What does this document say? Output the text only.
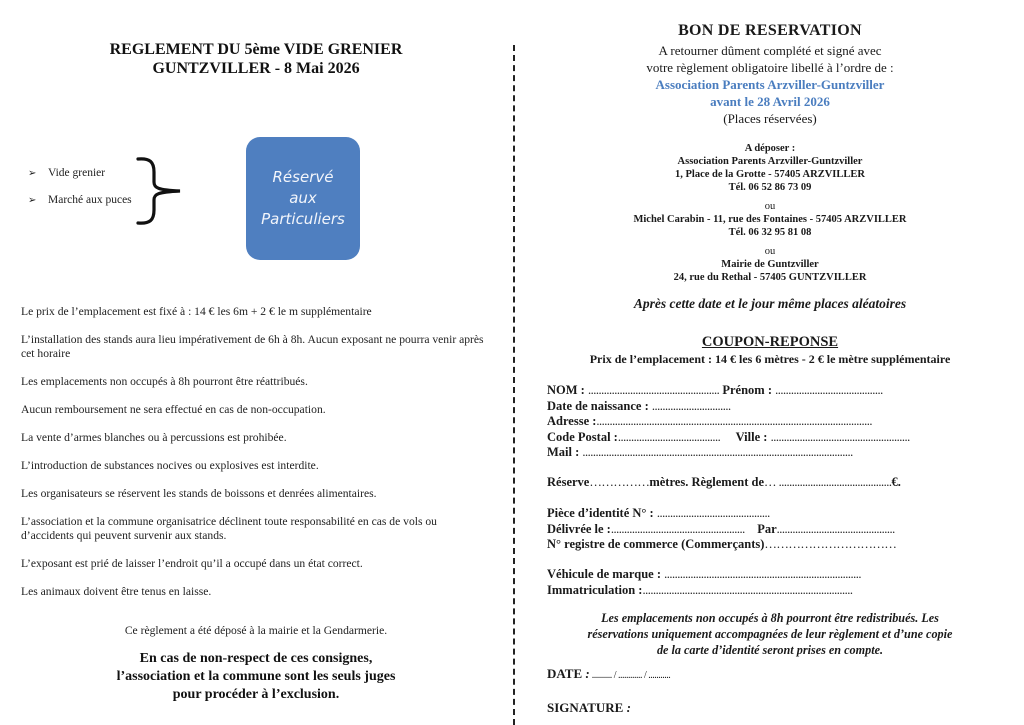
REGLEMENT DU 5ème VIDE GRENIER
GUNTZVILLER - 8 Mai 2026
➢	Vide grenier
➢	Marché aux puces
Réservé
aux
Particuliers
Le prix de l’emplacement est fixé à : 14 € les 6m + 2 € le m supplémentaire
L’installation des stands aura lieu impérativement de 6h à 8h. Aucun exposant ne pourra venir après cet horaire
Les emplacements non occupés à 8h pourront être réattribués.
Aucun remboursement ne sera effectué en cas de non-occupation.
La vente d’armes blanches ou à percussions est prohibée.
L’introduction de substances nocives ou explosives est interdite.
Les organisateurs se réservent les stands de boissons et denrées alimentaires.
L’association et la commune organisatrice déclinent toute responsabilité en cas de vols ou d’accidents qui peuvent survenir aux stands.
L’exposant est prié de laisser l’endroit qu’il a occupé dans un état correct.
Les animaux doivent être tenus en laisse.
Ce règlement a été déposé à la mairie et la Gendarmerie.
En cas de non-respect de ces consignes,
l’association et la commune sont les seuls juges
pour procéder à l’exclusion.
BON DE RESERVATION
A retourner dûment complété et signé avec
votre règlement obligatoire libellé à l’ordre de :
Association Parents Arzviller-Guntzviller
avant le 28 Avril 2026
(Places réservées)
A déposer :
Association Parents Arzviller-Guntzviller
1, Place de la Grotte - 57405 ARZVILLER
Tél. 06 52 86 73 09
ou
Michel Carabin - 11, rue des Fontaines - 57405 ARZVILLER
Tél. 06 32 95 81 08
ou
Mairie de Guntzviller
24, rue du Rethal - 57405 GUNTZVILLER
Après cette date et le jour même places aléatoires
COUPON-REPONSE
Prix de l’emplacement : 14 € les 6 mètres - 2 € le mètre supplémentaire
NOM : .................................................. Prénom : .........................................
Date de naissance : ..............................
Adresse :.........................................................................................................
Code Postal :....................................... Ville : .....................................................
Mail : .......................................................................................................
Réserve……………mètres. Règlement de… ...........................................€.
Pièce d’identité N° : ...........................................
Délivrée le :................................................... Par.............................................
N° registre de commerce (Commerçants)……………………………
Véhicule de marque : ...........................................................................
Immatriculation :................................................................................
Les emplacements non occupés à 8h pourront être redistribués. Les
réservations uniquement accompagnées de leur règlement et d’une copie
de la carte d’identité seront prises en compte.
DATE : .......... / ............ / ...........
SIGNATURE :
